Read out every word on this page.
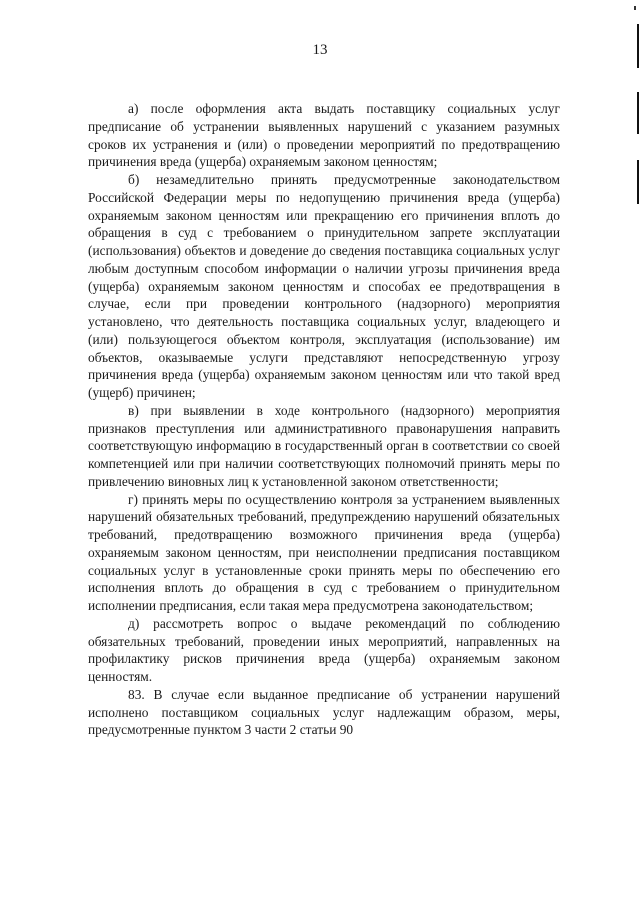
13

а) после оформления акта выдать поставщику социальных услуг предписание об устранении выявленных нарушений с указанием разумных сроков их устранения и (или) о проведении мероприятий по предотвращению причинения вреда (ущерба) охраняемым законом ценностям;

б) незамедлительно принять предусмотренные законодательством Российской Федерации меры по недопущению причинения вреда (ущерба) охраняемым законом ценностям или прекращению его причинения вплоть до обращения в суд с требованием о принудительном запрете эксплуатации (использования) объектов и доведение до сведения поставщика социальных услуг любым доступным способом информации о наличии угрозы причинения вреда (ущерба) охраняемым законом ценностям и способах ее предотвращения в случае, если при проведении контрольного (надзорного) мероприятия установлено, что деятельность поставщика социальных услуг, владеющего и (или) пользующегося объектом контроля, эксплуатация (использование) им объектов, оказываемые услуги представляют непосредственную угрозу причинения вреда (ущерба) охраняемым законом ценностям или что такой вред (ущерб) причинен;

в) при выявлении в ходе контрольного (надзорного) мероприятия признаков преступления или административного правонарушения направить соответствующую информацию в государственный орган в соответствии со своей компетенцией или при наличии соответствующих полномочий принять меры по привлечению виновных лиц к установленной законом ответственности;

г) принять меры по осуществлению контроля за устранением выявленных нарушений обязательных требований, предупреждению нарушений обязательных требований, предотвращению возможного причинения вреда (ущерба) охраняемым законом ценностям, при неисполнении предписания поставщиком социальных услуг в установленные сроки принять меры по обеспечению его исполнения вплоть до обращения в суд с требованием о принудительном исполнении предписания, если такая мера предусмотрена законодательством;

д) рассмотреть вопрос о выдаче рекомендаций по соблюдению обязательных требований, проведении иных мероприятий, направленных на профилактику рисков причинения вреда (ущерба) охраняемым законом ценностям.

83. В случае если выданное предписание об устранении нарушений исполнено поставщиком социальных услуг надлежащим образом, меры, предусмотренные пунктом 3 части 2 статьи 90
